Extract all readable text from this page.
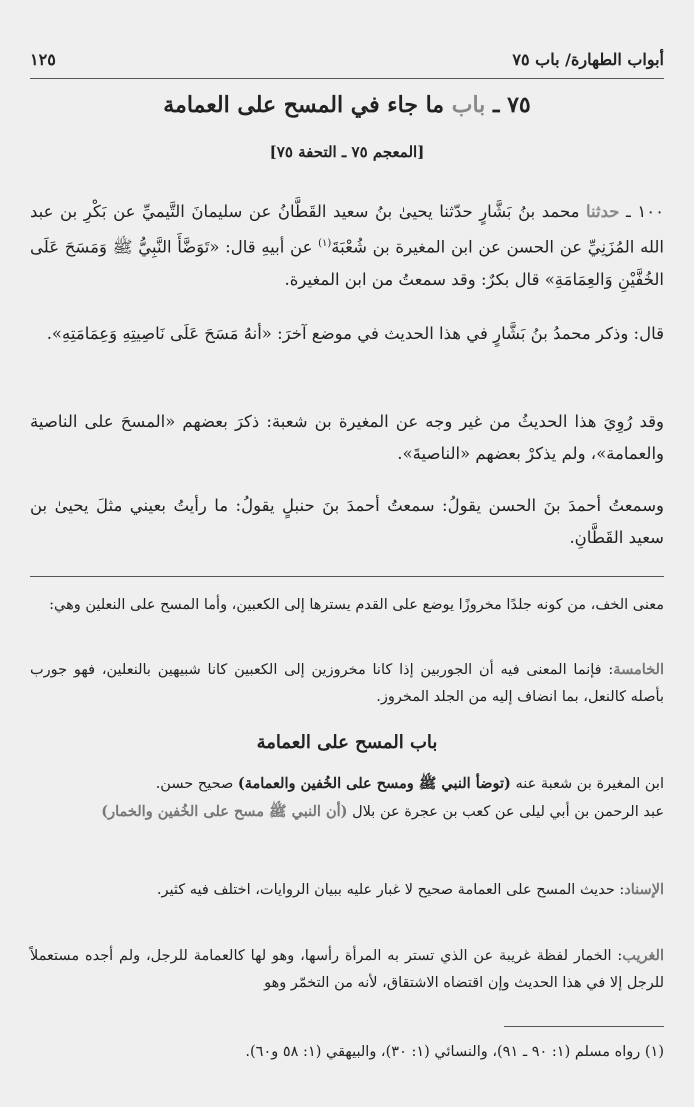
أبواب الطهارة/ باب ٧٥
١٢٥
٧٥ ـ باب ما جاء في المسح على العمامة
[المعجم ٧٥ ـ التحفة ٧٥]
١٠٠ ـ حدثنا محمد بنُ بَشَّارٍ حدّثنا يحيىٰ بنُ سعيد القَطَّانُ عن سليمانَ التَّيميِّ عن بَكْرِ بن عبد الله المُزَنِيِّ عن الحسن عن ابن المغيرة بن شُعْبَةَ$^{(١)}$ عن أبيهِ قال: «تَوَضَّأَ النَّبِيُّ ﷺ وَمَسَحَ عَلَى الخُفَّيْنِ وَالعِمَامَةِ» قال بكرٌ: وقد سمعتُ من ابن المغيرة.
قال: وذكر محمدُ بنُ بَشَّارٍ في هذا الحديث في موضع آخرَ: «أنهُ مَسَحَ عَلَى نَاصِيتِهِ وَعِمَامَتِهِ».
وقد رُوِيَ هذا الحديثُ من غير وجه عن المغيرة بن شعبة: ذكرَ بعضهم «المسحَ على الناصية والعمامة»، ولم يذكرْ بعضهم «الناصيةَ».
وسمعتُ أحمدَ بنَ الحسن يقولُ: سمعتُ أحمدَ بنَ حنبلٍ يقولُ: ما رأيتُ بعيني مثلَ يحيىٰ بن سعيد القَطَّانِ.
معنى الخف، من كونه جلدًا مخروزًا يوضع على القدم يسترها إلى الكعبين، وأما المسح على النعلين وهي:
الخامسة: فإنما المعنى فيه أن الجوربين إذا كانا مخروزين إلى الكعبين كانا شبيهين بالنعلين، فهو جورب بأصله كالنعل، بما انضاف إليه من الجلد المخروز.
باب المسح على العمامة
ابن المغيرة بن شعبة عنه (توضأ النبي ﷺ ومسح على الخُفين والعمامة) صحيح حسن.
عبد الرحمن بن أبي ليلى عن كعب بن عجرة عن بلال (أن النبي ﷺ مسح على الخُفين والخمار)
الإسناد: حديث المسح على العمامة صحيح لا غبار عليه ببيان الروايات، اختلف فيه كثير.
الغريب: الخمار لفظة غريبة عن الذي تستر به المرأة رأسها، وهو لها كالعمامة للرجل، ولم أجده مستعملاً للرجل إلا في هذا الحديث وإن اقتضاه الاشتقاق، لأنه من التخمّر وهو
(١) رواه مسلم (١: ٩٠ ـ ٩١)، والنسائي (١: ٣٠)، والبيهقي (١: ٥٨ و٦٠).
